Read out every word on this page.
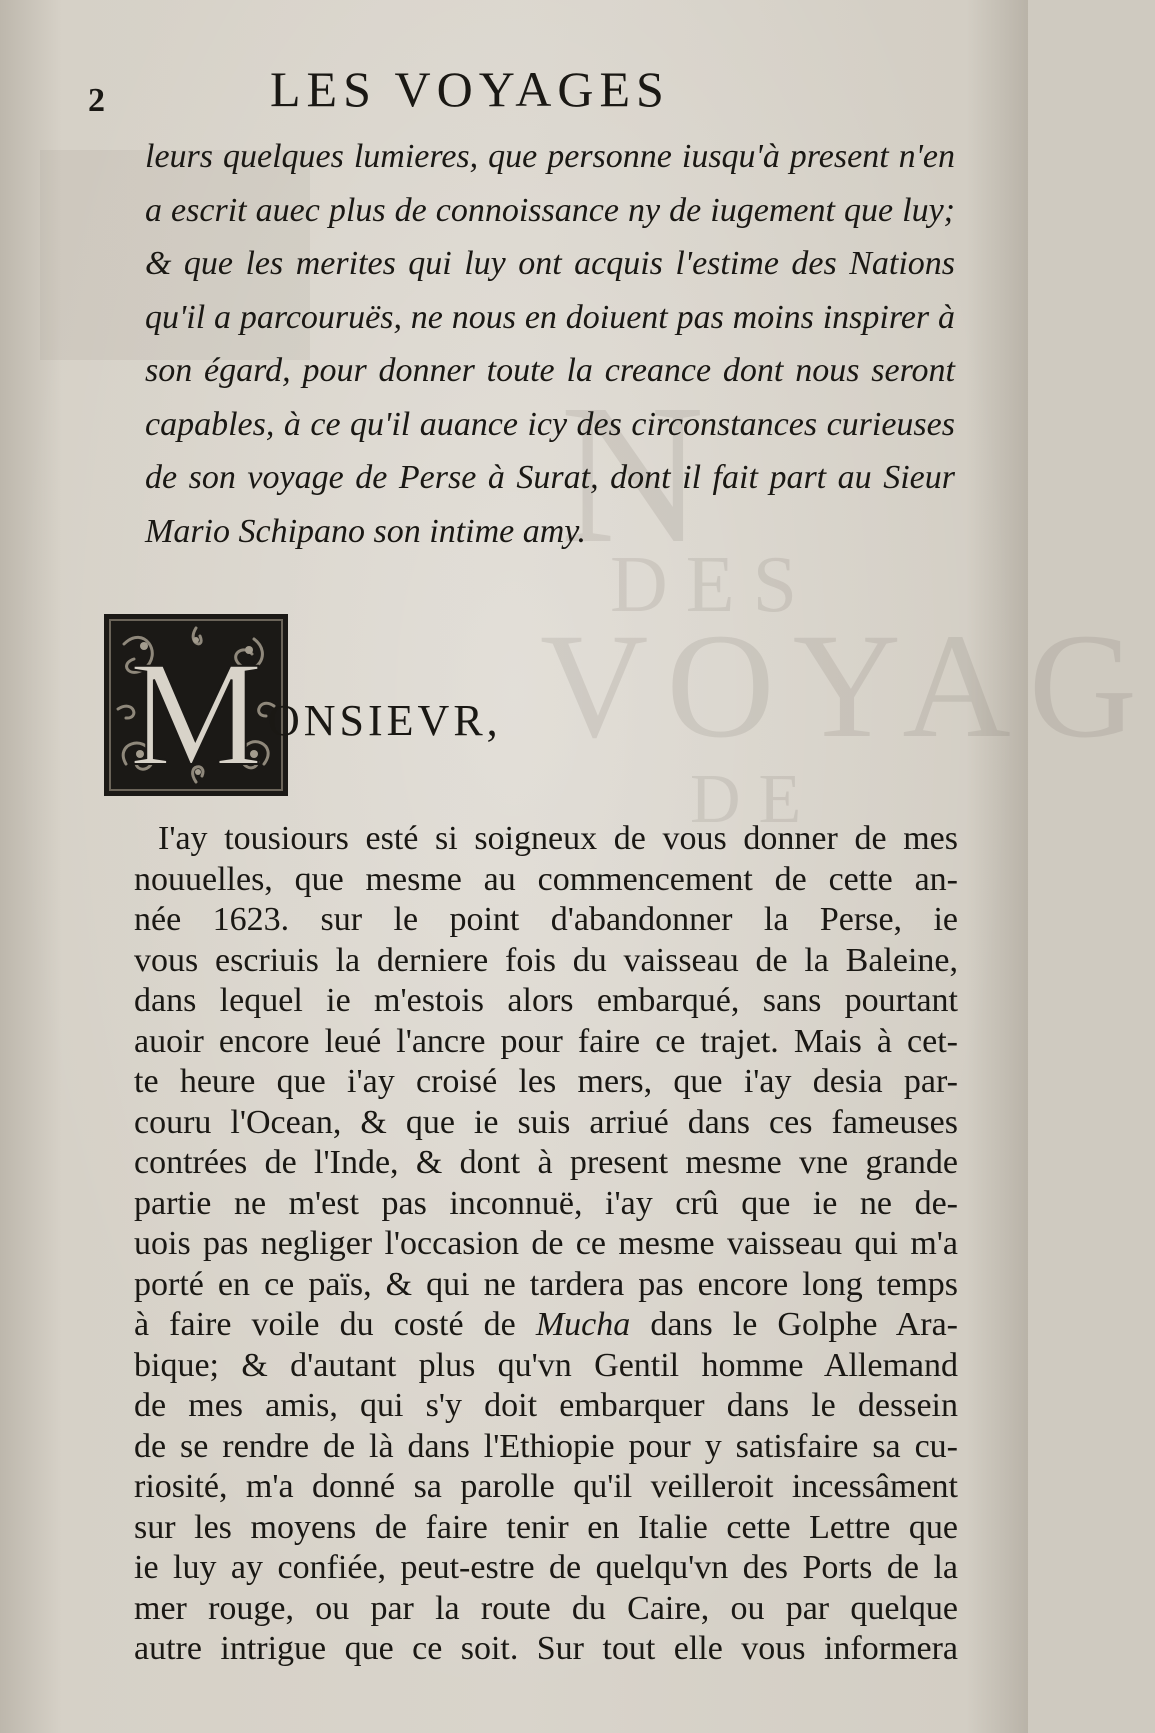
N
DES
VOYAG
DE
2	LES VOYAGES
leurs quelques lumieres, que personne iusqu'à present n'en a escrit auec plus de connoissance ny de iugement que luy; & que les merites qui luy ont acquis l'estime des Nations qu'il a parcouruës, ne nous en doiuent pas moins inspirer à son égard, pour donner toute la creance dont nous seront capables, à ce qu'il auance icy des circonstances curieuses de son voyage de Perse à Surat, dont il fait part au Sieur Mario Schipano son intime amy.
M ONSIEVR,
I'ay tousiours esté si soigneux de vous donner de mes
nouuelles, que mesme au commencement de cette an-
née 1623. sur le point d'abandonner la Perse, ie
vous escriuis la derniere fois du vaisseau de la Baleine,
dans lequel ie m'estois alors embarqué, sans pourtant
auoir encore leué l'ancre pour faire ce trajet. Mais à cet-
te heure que i'ay croisé les mers, que i'ay desia par-
couru l'Ocean, & que ie suis arriué dans ces fameuses
contrées de l'Inde, & dont à present mesme vne grande
partie ne m'est pas inconnuë, i'ay crû que ie ne de-
uois pas negliger l'occasion de ce mesme vaisseau qui m'a
porté en ce païs, & qui ne tardera pas encore long temps
à faire voile du costé de Mucha dans le Golphe Ara-
bique; & d'autant plus qu'vn Gentil homme Allemand
de mes amis, qui s'y doit embarquer dans le dessein
de se rendre de là dans l'Ethiopie pour y satisfaire sa cu-
riosité, m'a donné sa parolle qu'il veilleroit incessâment
sur les moyens de faire tenir en Italie cette Lettre que
ie luy ay confiée, peut-estre de quelqu'vn des Ports de la
mer rouge, ou par la route du Caire, ou par quelque
autre intrigue que ce soit. Sur tout elle vous informera
